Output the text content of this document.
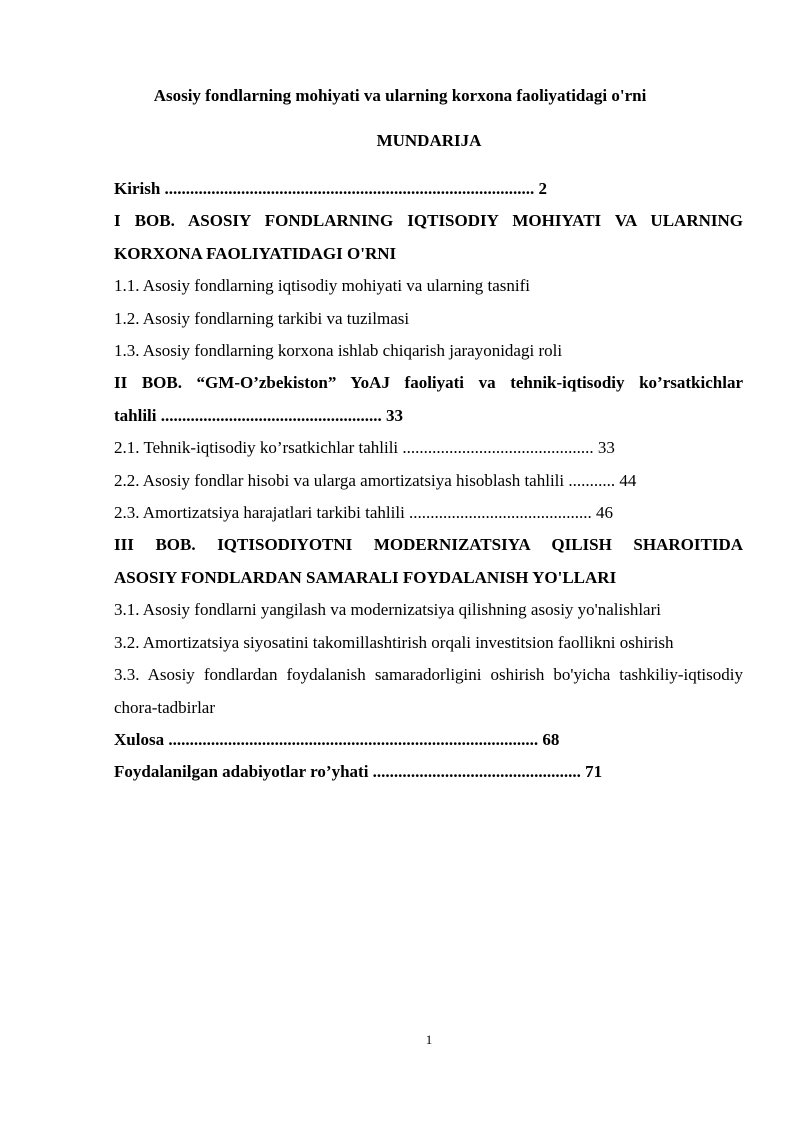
Asosiy fondlarning mohiyati va ularning korxona faoliyatidagi o'rni

MUNDARIJA

Kirish ....................................................................................... 2

I BOB. ASOSIY FONDLARNING IQTISODIY MOHIYATI VA ULARNING

KORXONA FAOLIYATIDAGI O'RNI

1.1. Asosiy fondlarning iqtisodiy mohiyati va ularning tasnifi

1.2. Asosiy fondlarning tarkibi va tuzilmasi

1.3. Asosiy fondlarning korxona ishlab chiqarish jarayonidagi roli

II BOB. “GM-O’zbekiston” YoAJ faoliyati va tehnik-iqtisodiy ko’rsatkichlar

tahlili .................................................... 33

2.1. Tehnik-iqtisodiy ko’rsatkichlar tahlili ............................................. 33

2.2. Asosiy fondlar hisobi va ularga amortizatsiya hisoblash tahlili ........... 44

2.3. Amortizatsiya harajatlari tarkibi tahlili ........................................... 46

III BOB. IQTISODIYOTNI MODERNIZATSIYA QILISH SHAROITIDA

ASOSIY FONDLARDAN SAMARALI FOYDALANISH YO'LLARI

3.1. Asosiy fondlarni yangilash va modernizatsiya qilishning asosiy yo'nalishlari

3.2. Amortizatsiya siyosatini takomillashtirish orqali investitsion faollikni oshirish

3.3. Asosiy fondlardan foydalanish samaradorligini oshirish bo'yicha tashkiliy-iqtisodiy chora-tadbirlar

Xulosa ....................................................................................... 68

Foydalanilgan adabiyotlar ro’yhati ................................................. 71

1
